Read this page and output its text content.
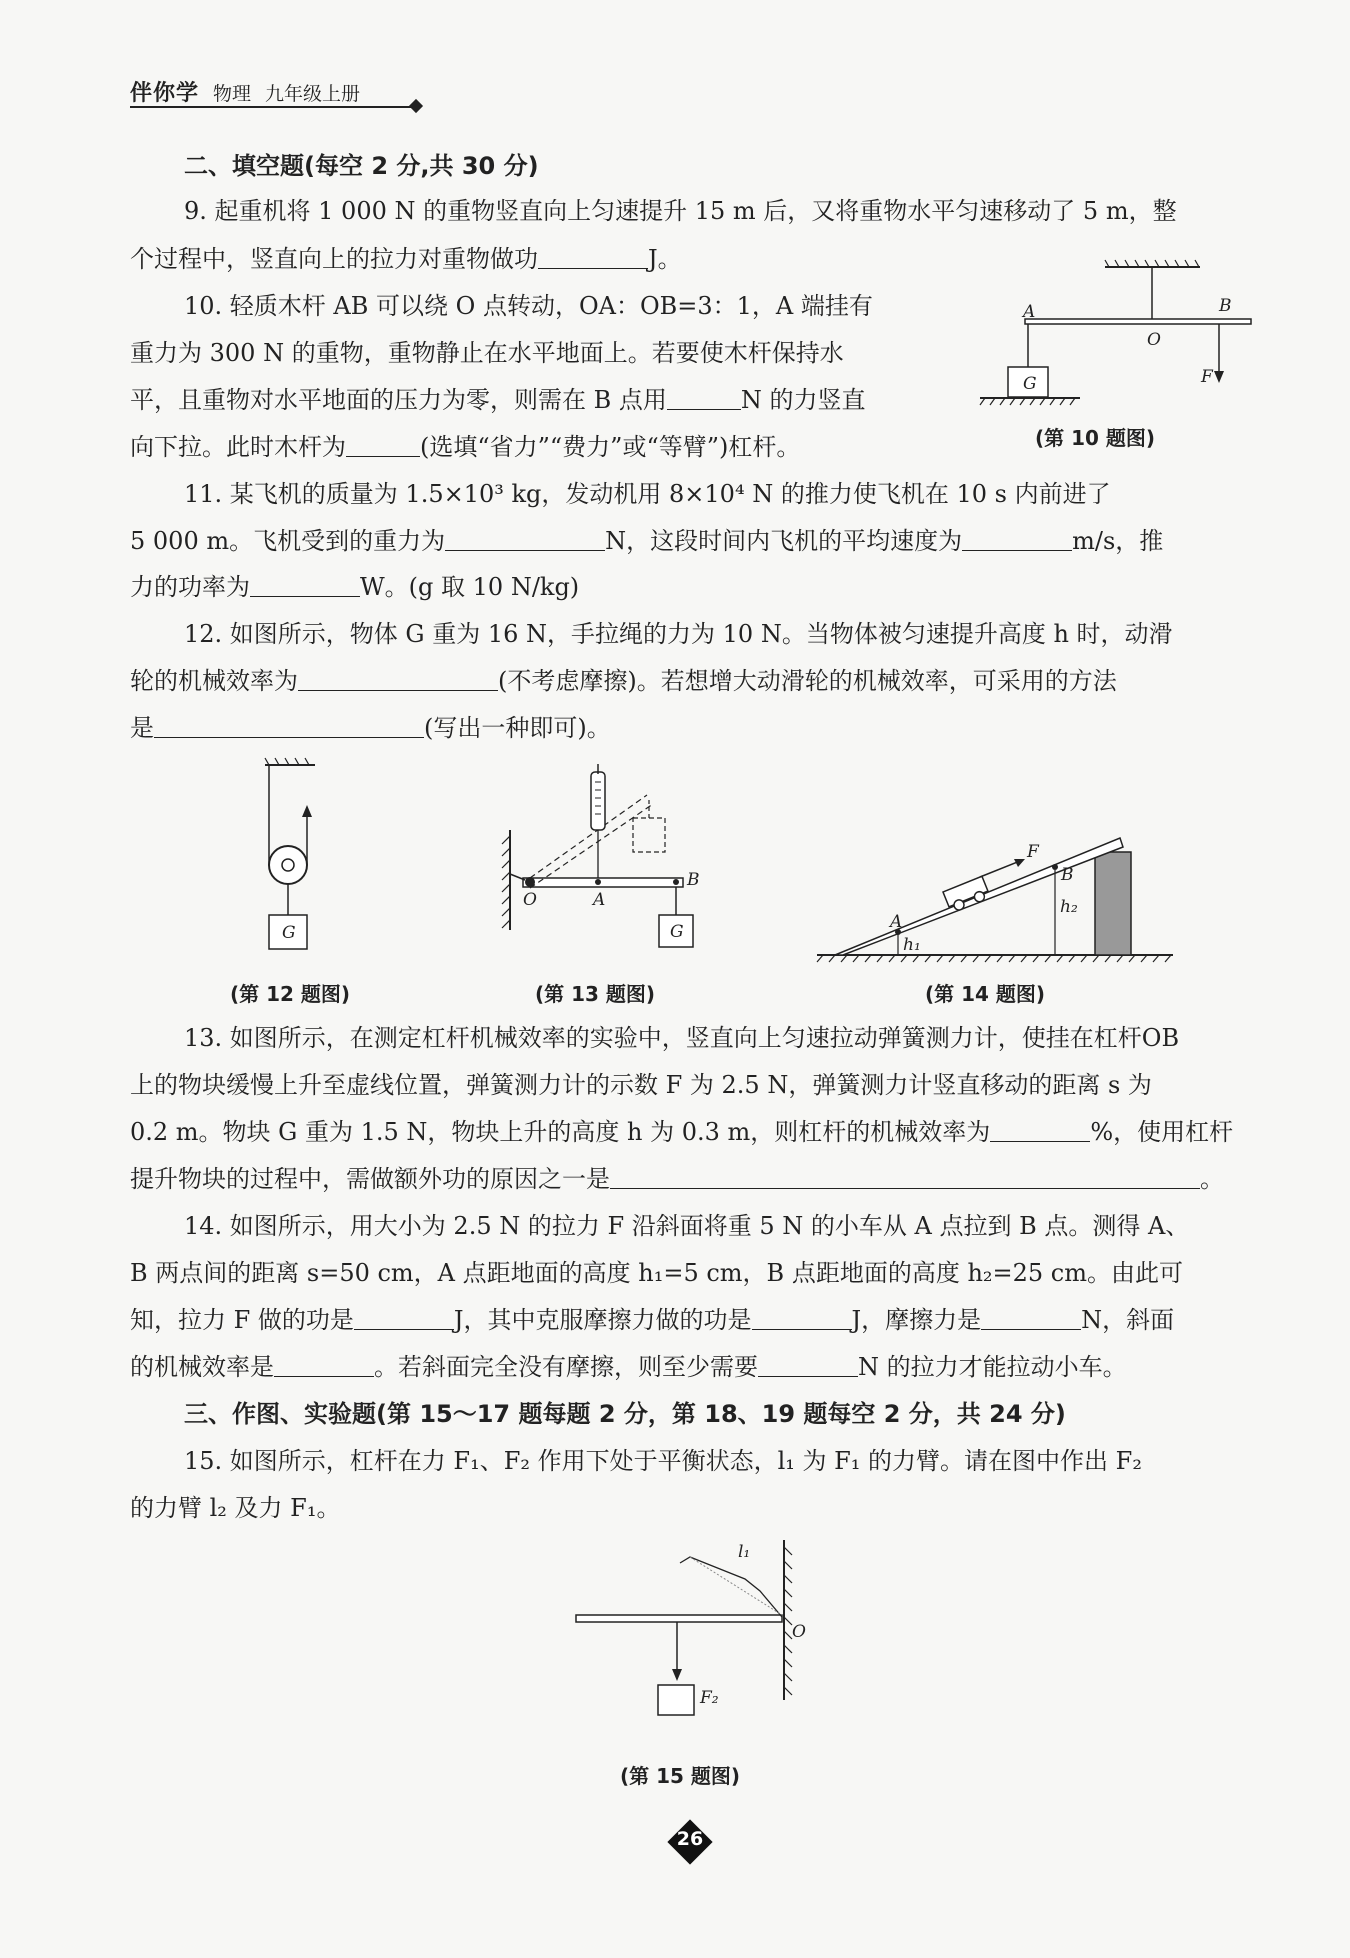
伴你学 物理 九年级上册
二、填空题(每空 2 分,共 30 分)
9. 起重机将 1 000 N 的重物竖直向上匀速提升 15 m 后，又将重物水平匀速移动了 5 m，整
个过程中，竖直向上的拉力对重物做功	J。
10. 轻质木杆 AB 可以绕 O 点转动，OA：OB=3：1，A 端挂有
重力为 300 N 的重物，重物静止在水平地面上。若要使木杆保持水
平，且重物对水平地面的压力为零，则需在 B 点用	N 的力竖直
向下拉。此时木杆为	(选填“省力”“费力”或“等臂”)杠杆。
A	B
O
G	F
(第 10 题图)
11. 某飞机的质量为 1.5×10³ kg，发动机用 8×10⁴ N 的推力使飞机在 10 s 内前进了
5 000 m。飞机受到的重力为	N，这段时间内飞机的平均速度为	m/s，推
力的功率为	W。(g 取 10 N/kg)
12. 如图所示，物体 G 重为 16 N，手拉绳的力为 10 N。当物体被匀速提升高度 h 时，动滑
轮的机械效率为	(不考虑摩擦)。若想增大动滑轮的机械效率，可采用的方法
是	(写出一种即可)。
G
(第 12 题图)
O	A
B
G
(第 13 题图)
A
B
F
h₁
h₂
(第 14 题图)
13. 如图所示，在测定杠杆机械效率的实验中，竖直向上匀速拉动弹簧测力计，使挂在杠杆OB
上的物块缓慢上升至虚线位置，弹簧测力计的示数 F 为 2.5 N，弹簧测力计竖直移动的距离 s 为
0.2 m。物块 G 重为 1.5 N，物块上升的高度 h 为 0.3 m，则杠杆的机械效率为	%，使用杠杆
提升物块的过程中，需做额外功的原因之一是	。
14. 如图所示，用大小为 2.5 N 的拉力 F 沿斜面将重 5 N 的小车从 A 点拉到 B 点。测得 A、
B 两点间的距离 s=50 cm，A 点距地面的高度 h₁=5 cm，B 点距地面的高度 h₂=25 cm。由此可
知，拉力 F 做的功是	J，其中克服摩擦力做的功是	J，摩擦力是	N，斜面
的机械效率是	。若斜面完全没有摩擦，则至少需要	N 的拉力才能拉动小车。
三、作图、实验题(第 15～17 题每题 2 分，第 18、19 题每空 2 分，共 24 分)
15. 如图所示，杠杆在力 F₁、F₂ 作用下处于平衡状态，l₁ 为 F₁ 的力臂。请在图中作出 F₂
的力臂 l₂ 及力 F₁。
l₁
O
F₂
(第 15 题图)
26
